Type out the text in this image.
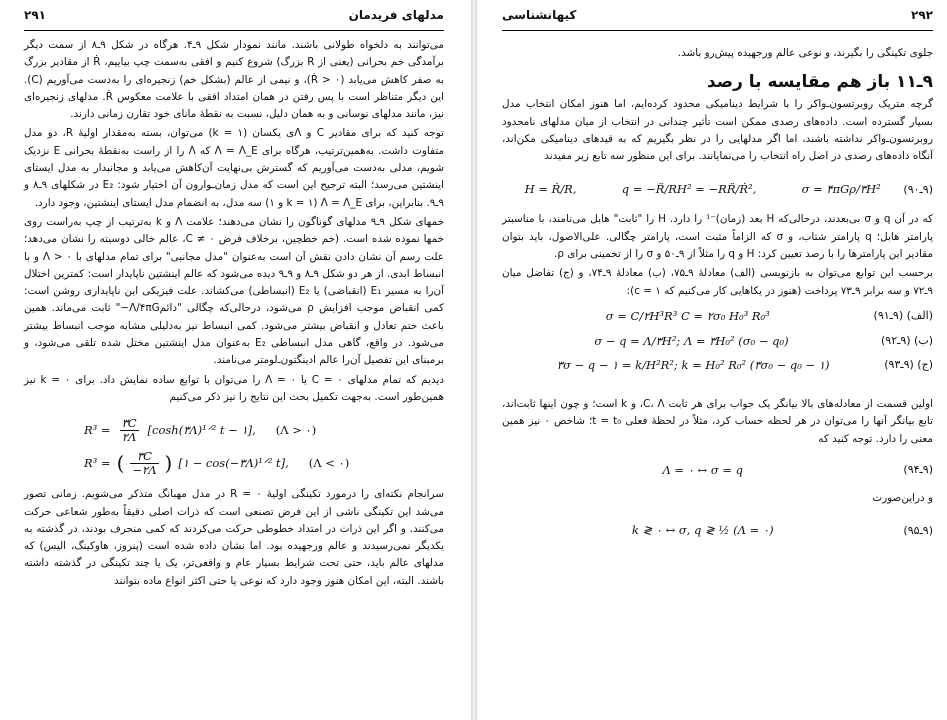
۲۹۱	مدلهای فریدمان

می‌توانند به دلخواه طولانی باشند. مانند نمودار شکل ۹ـ۴. هرگاه در شکل ۹ـ۸ از سمت دیگر برآمدگی خم بحرانی (یعنی از R بزرگ) شروع کنیم و افقی به‌سمت چپ بیاییم، Ṙ از مقادیر بزرگ به صفر کاهش می‌یابد (Ṙ > ۰)، و نیمی از عالم (بشکل خم) زنجیره‌ای را به‌دست می‌آوریم (C). این دیگر متناظر است با پس رفتن در همان امتداد افقی با علامت معکوس Ṙ. مدلهای زنجیره‌ای نیز، مانند مدلهای نوسانی و به همان دلیل، نسبت به نقطهٔ مانای خود تقارن زمانی دارند.

توجه کنید که برای مقادیر C و Λ‌ی یکسان (k = ۱) می‌توان، بسته به‌مقدار اولیهٔ R، دو مدل متفاوت داشت. به‌همین‌ترتیب، هرگاه برای Λ = Λ_E که Λ را از راست به‌نقطهٔ بحرانی E نزدیک شویم، مدلی به‌دست می‌آوریم که گسترش بی‌نهایت آن‌کاهش می‌یابد و مجانبدار به مدل ایستای اینشتین می‌رسد؛ البته ترجیح این است که مدل زمان‌ـوارون آن اختیار شود: E₂ در شکلهای ۹ـ۸ و ۹ـ۹. بنابراین، برای k = ۱) Λ = Λ_E و ۱) سه مدل، به انضمام مدل ایستای اینشتین، وجود دارد.

خمهای شکل ۹ـ۹ مدلهای گوناگون را نشان می‌دهند؛ علامت Λ و k به‌ترتیب از چپ به‌راست روی خمها نموده شده است. (خم خطچین، برخلاف فرض C ≠ ۰، عالم خالی دوسیته را نشان می‌دهد؛ علت رسم آن نشان دادن نقش آن است به‌عنوان "مدل مجانبی" برای تمام مدلهای با ۰ < Λ و با انبساط ابدی. از هر دو شکل ۹ـ۸ و ۹ـ۹ دیده می‌شود که عالم اینشتین ناپایدار است: کمترین اختلال آن‌را به مسیر E₁ (انقباضی) یا E₂ (انبساطی) می‌کشاند. علت فیزیکی این ناپایداری روشن است: کمی انقباض موجب افزایش ρ می‌شود، درحالی‌که چگالی "دائم‌Λ/۴πG−" ثابت می‌ماند. همین باعث ختم تعادل و انقباض بیشتر می‌شود. کمی انبساط نیز به‌دلیلی مشابه موجب انبساط بیشتر می‌شود. در واقع، گاهی مدل انبساطی E₂ به‌عنوان مدل اینشتین مختل شده تلقی می‌شود، و برمبنای این تفصیل آن‌را عالم ادینگتون‌ـ‌لومتر می‌نامند.

دیدیم که تمام مدلهای C = ۰ یا Λ = ۰ را می‌توان با توابع ساده نمایش داد. برای k = ۰ نیز همین‌طور است. به‌جهت تکمیل بحث این نتایج را نیز ذکر می‌کنیم

$R^3 = \frac{۳C}{۲\Lambda}$ [cosh(۳Λ)¹ᐟ² t − ۱], (Λ > ۰)
R³ = ( $\frac{۳C}{-۲\Lambda}$ ) [۱ − cos(−۳Λ)¹ᐟ² t], (Λ < ۰)

سرانجام نکته‌ای را درمورد تکینگی اولیهٔ R = ۰ در مدل مهبانگ متذکر می‌شویم. زمانی تصور می‌شد این تکینگی ناشی از این فرض تصنعی است که ذرات اصلی دقیقاً به‌طور شعاعی حرکت می‌کنند. و اگر این ذرات در امتداد خطوطی حرکت می‌کردند که کمی منحرف بودند، در گذشته به یکدیگر نمی‌رسیدند و عالم ورجهیده بود. اما نشان داده شده است (پنروز، هاوکینگ، الیس) که مدلهای عالم باید، حتی تحت شرایط بسیار عام و واقعی‌تر، یک یا چند تکینگی در گذشته داشته باشند. البته، این امکان هنوز وجود دارد که نوعی یا حتی اکثر انواع ماده بتوانند

۲۹۲
کیهانشناسی

جلوی تکینگی را بگیرند، و نوعی عالم ورجهیده پیش‌رو باشد.

۹ـ۱۱ باز هم مقایسه با رصد

گرچه متریک روبرتسون‌ـ‌واکر را با شرایط دینامیکی محدود کرده‌ایم، اما هنوز امکان انتخاب مدل بسیار گسترده است. داده‌های رصدی ممکن است تأثیر چندانی در انتخاب از میان مدلهای نامحدود روبرتسون‌ـ‌واکر نداشته باشند، اما اگر مدلهایی را در نظر بگیریم که به قیدهای دینامیکی مکن‌اند، آنگاه داده‌های رصدی در اصل راه انتخاب را می‌نمایانند. برای این منظور سه تابع زیر مفیدند

H = Ṙ/R,	q = −R̈/RH² = −RR̈/Ṙ²,	σ = ۴πGρ/۳H² (۹ـ۹۰)

که در آن q و σ بی‌بعدند، درحالی‌که H بعد (زمان)⁻¹ را دارد. H را "ثابت" هابل می‌نامند، با مناسبتر پارامتر هابل؛ q پارامتر شتاب، و σ که الزاماً مثبت است، پارامتر چگالی. علی‌الاصول، باید بتوان مقادیر این پارامترها را با رصد تعیین کرد: H و q را مثلاً از ۹ـ۵۰ و σ را از تخمینی برای ρ.

برحسب این توابع می‌توان به بازنویسی (الف) معادلهٔ ۹ـ۷۵، (ب) معادلهٔ ۹ـ۷۴، و (ج) تفاضل میان ۹ـ۷۲ و سه برابر ۹ـ۷۳ پرداخت (هنوز در یکاهایی کار می‌کنیم که c = ۱):

σ = C/۲H³R³ C = ۲σ₀ H₀³ R₀³	(الف) (۹ـ۹۱)
σ − q = Λ/۳H²; Λ = ۳H₀² (σ₀ − q₀)	(ب) (۹ـ۹۲)
۳σ − q − ۱ = k/H²R²; k = H₀² R₀² (۳σ₀ − q₀ − ۱)	(ج) (۹ـ۹۳)

اولین قسمت از معادله‌های بالا بیانگر یک جواب برای هر ثابت C، Λ، و k است؛ و چون اینها ثابت‌اند، تابع بیانگر آنها را می‌توان در هر لحظه حساب کرد، مثلاً در لحظهٔ فعلی t = t₀؛ شاخص ۰ نیز همین معنی را دارد. توجه کنید که

Λ = ۰ ↔ σ = q	(۹ـ۹۴)

و دراین‌صورت

k ≷ ۰ ↔ σ, q ≷ ½ (Λ = ۰)	(۹ـ۹۵)
